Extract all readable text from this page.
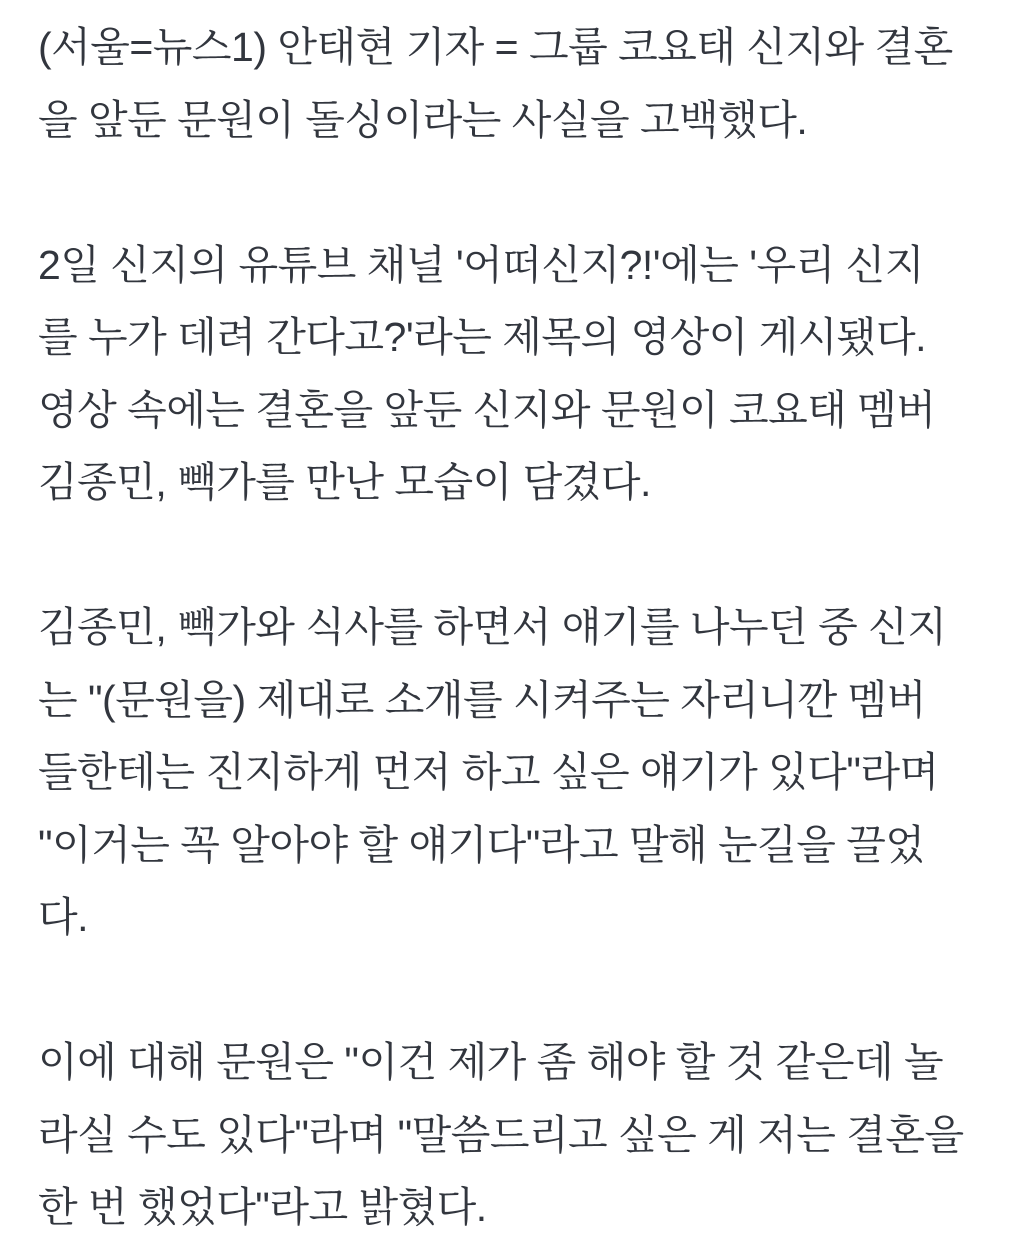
(서울=뉴스1) 안태현 기자 = 그룹 코요태 신지와 결혼
을 앞둔 문원이 돌싱이라는 사실을 고백했다.
2일 신지의 유튜브 채널 '어떠신지?!'에는 '우리 신지
를 누가 데려 간다고?'라는 제목의 영상이 게시됐다.
영상 속에는 결혼을 앞둔 신지와 문원이 코요태 멤버
김종민, 빽가를 만난 모습이 담겼다.
김종민, 빽가와 식사를 하면서 얘기를 나누던 중 신지
는 "(문원을) 제대로 소개를 시켜주는 자리니깐 멤버
들한테는 진지하게 먼저 하고 싶은 얘기가 있다"라며
"이거는 꼭 알아야 할 얘기다"라고 말해 눈길을 끌었
다.
이에 대해 문원은 "이건 제가 좀 해야 할 것 같은데 놀
라실 수도 있다"라며 "말씀드리고 싶은 게 저는 결혼을
한 번 했었다"라고 밝혔다.
